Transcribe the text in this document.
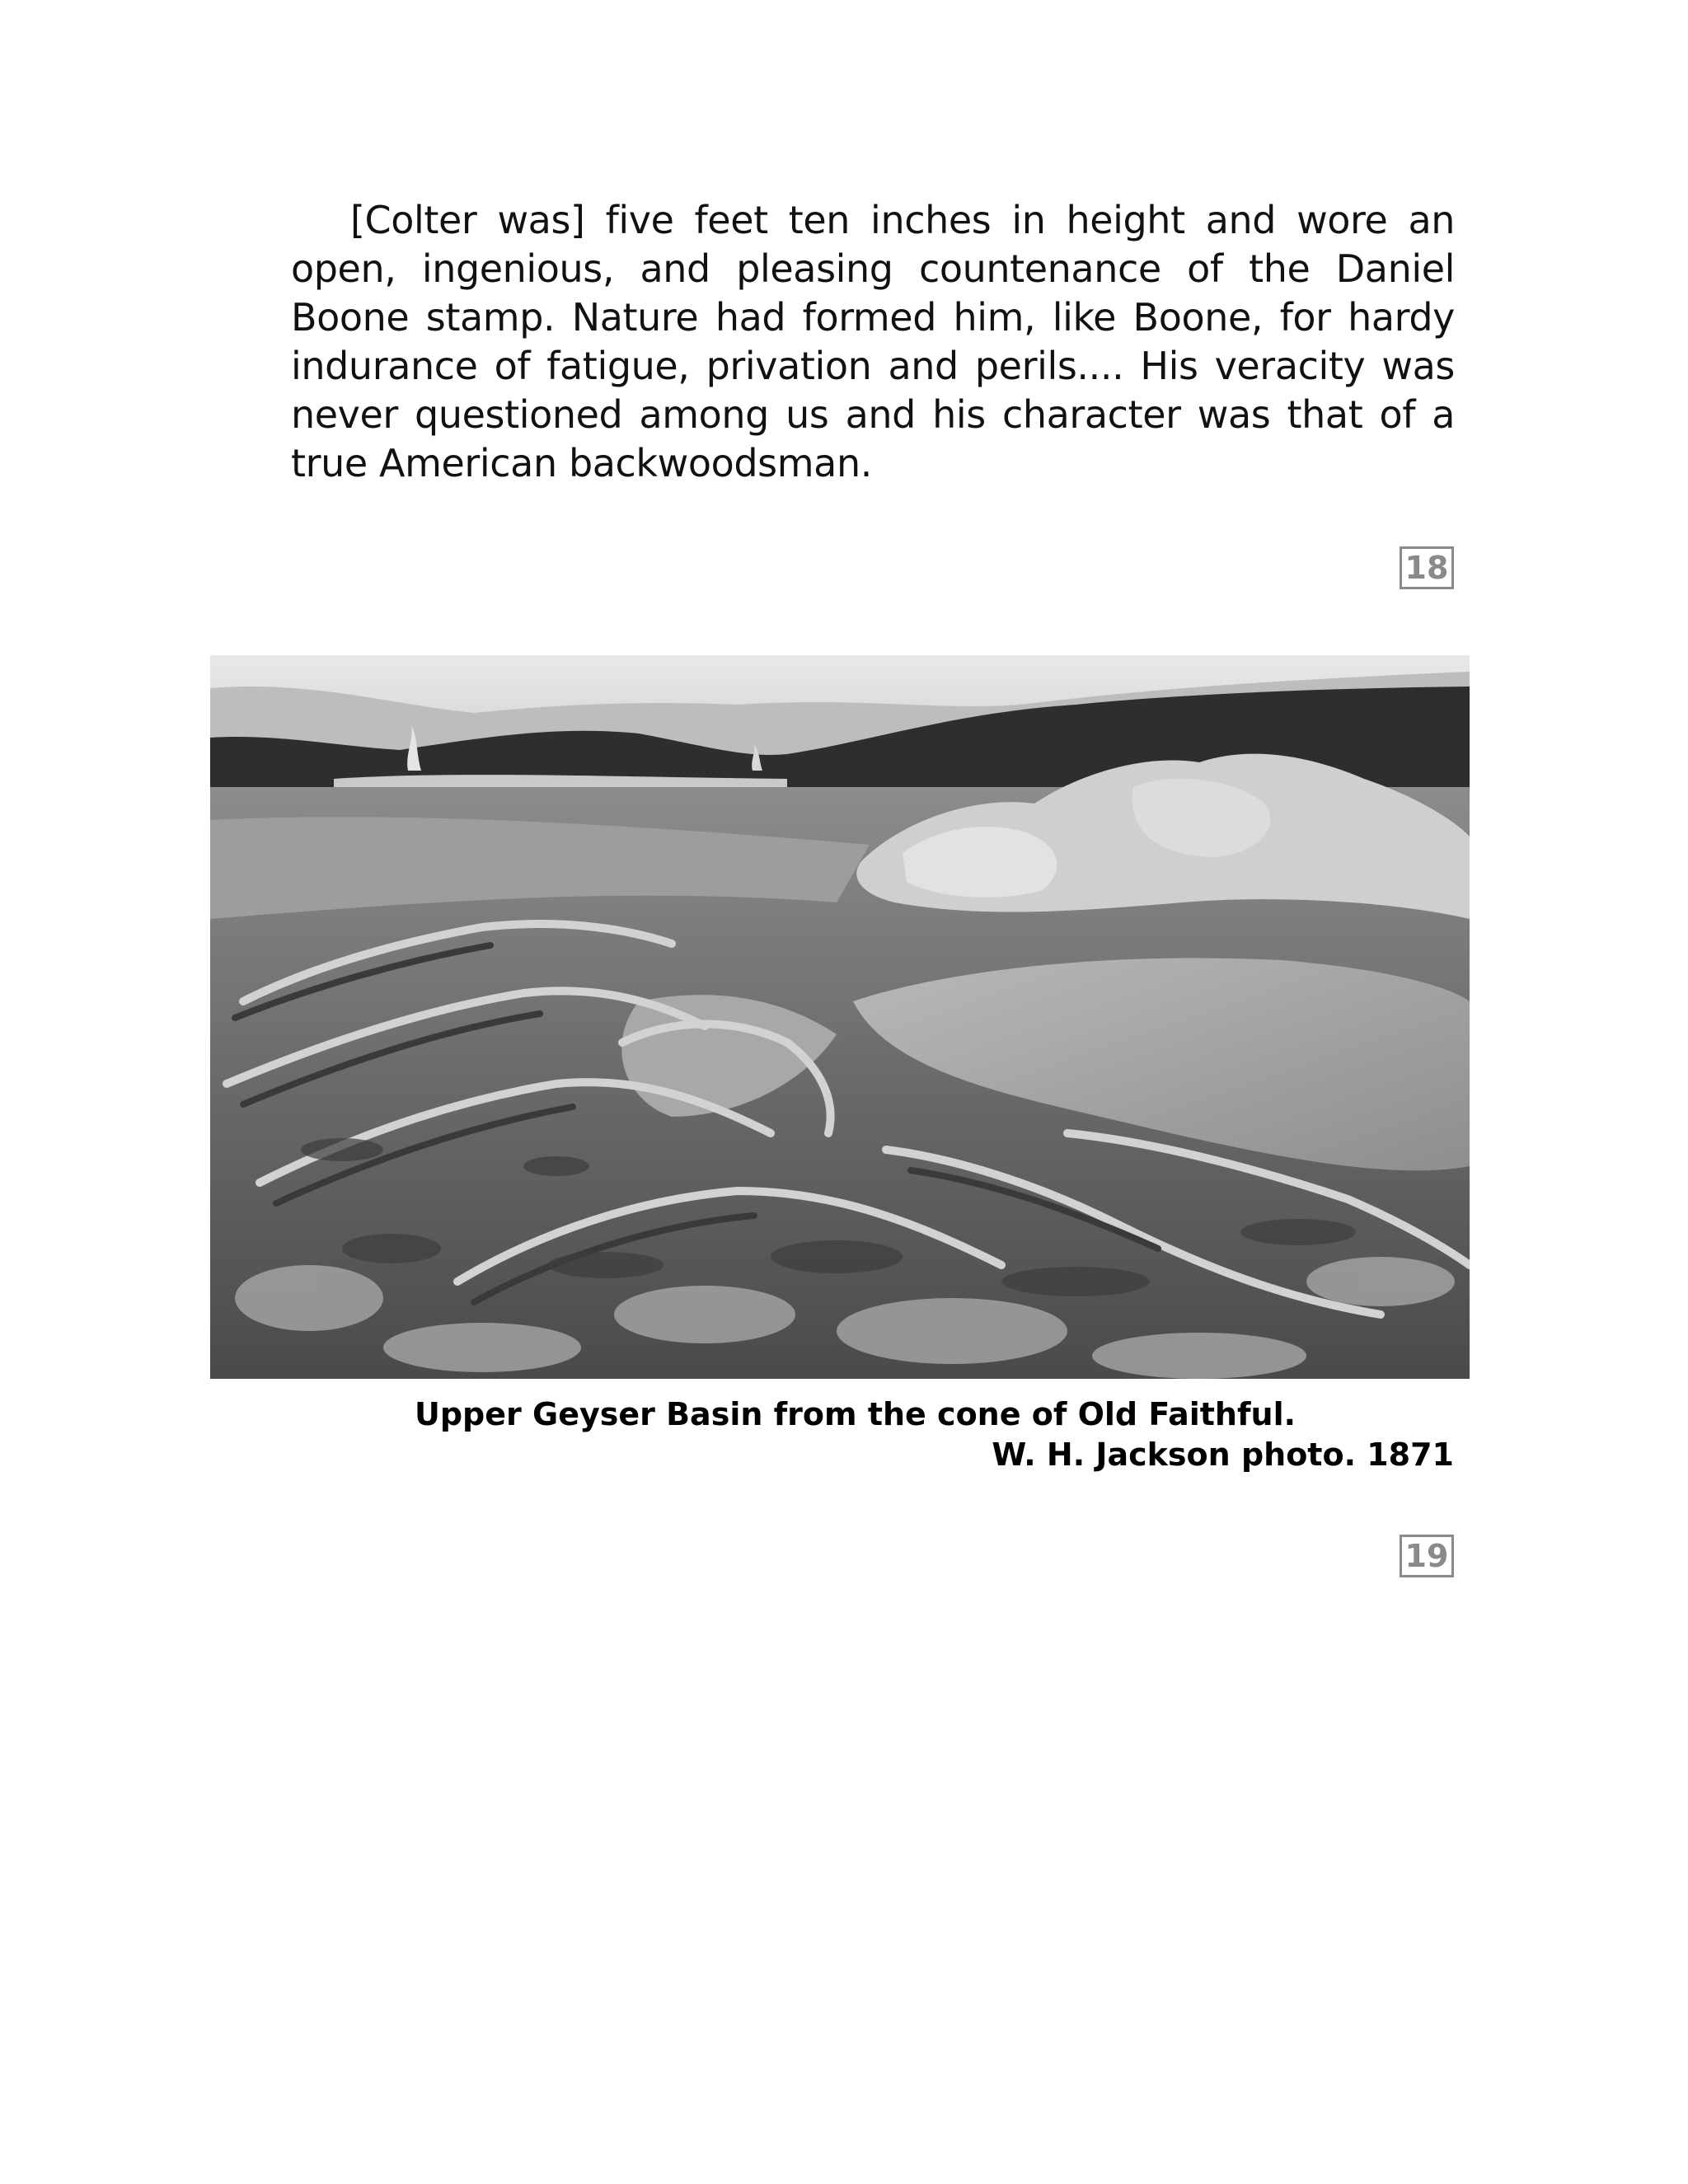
[Colter was] five feet ten inches in height and wore an open, ingenious, and pleasing countenance of the Daniel Boone stamp. Nature had formed him, like Boone, for hardy indurance of fatigue, privation and perils.... His veracity was never questioned among us and his character was that of a true American backwoodsman.

18
Upper Geyser Basin from the cone of Old Faithful.
W. H. Jackson photo. 1871
19
